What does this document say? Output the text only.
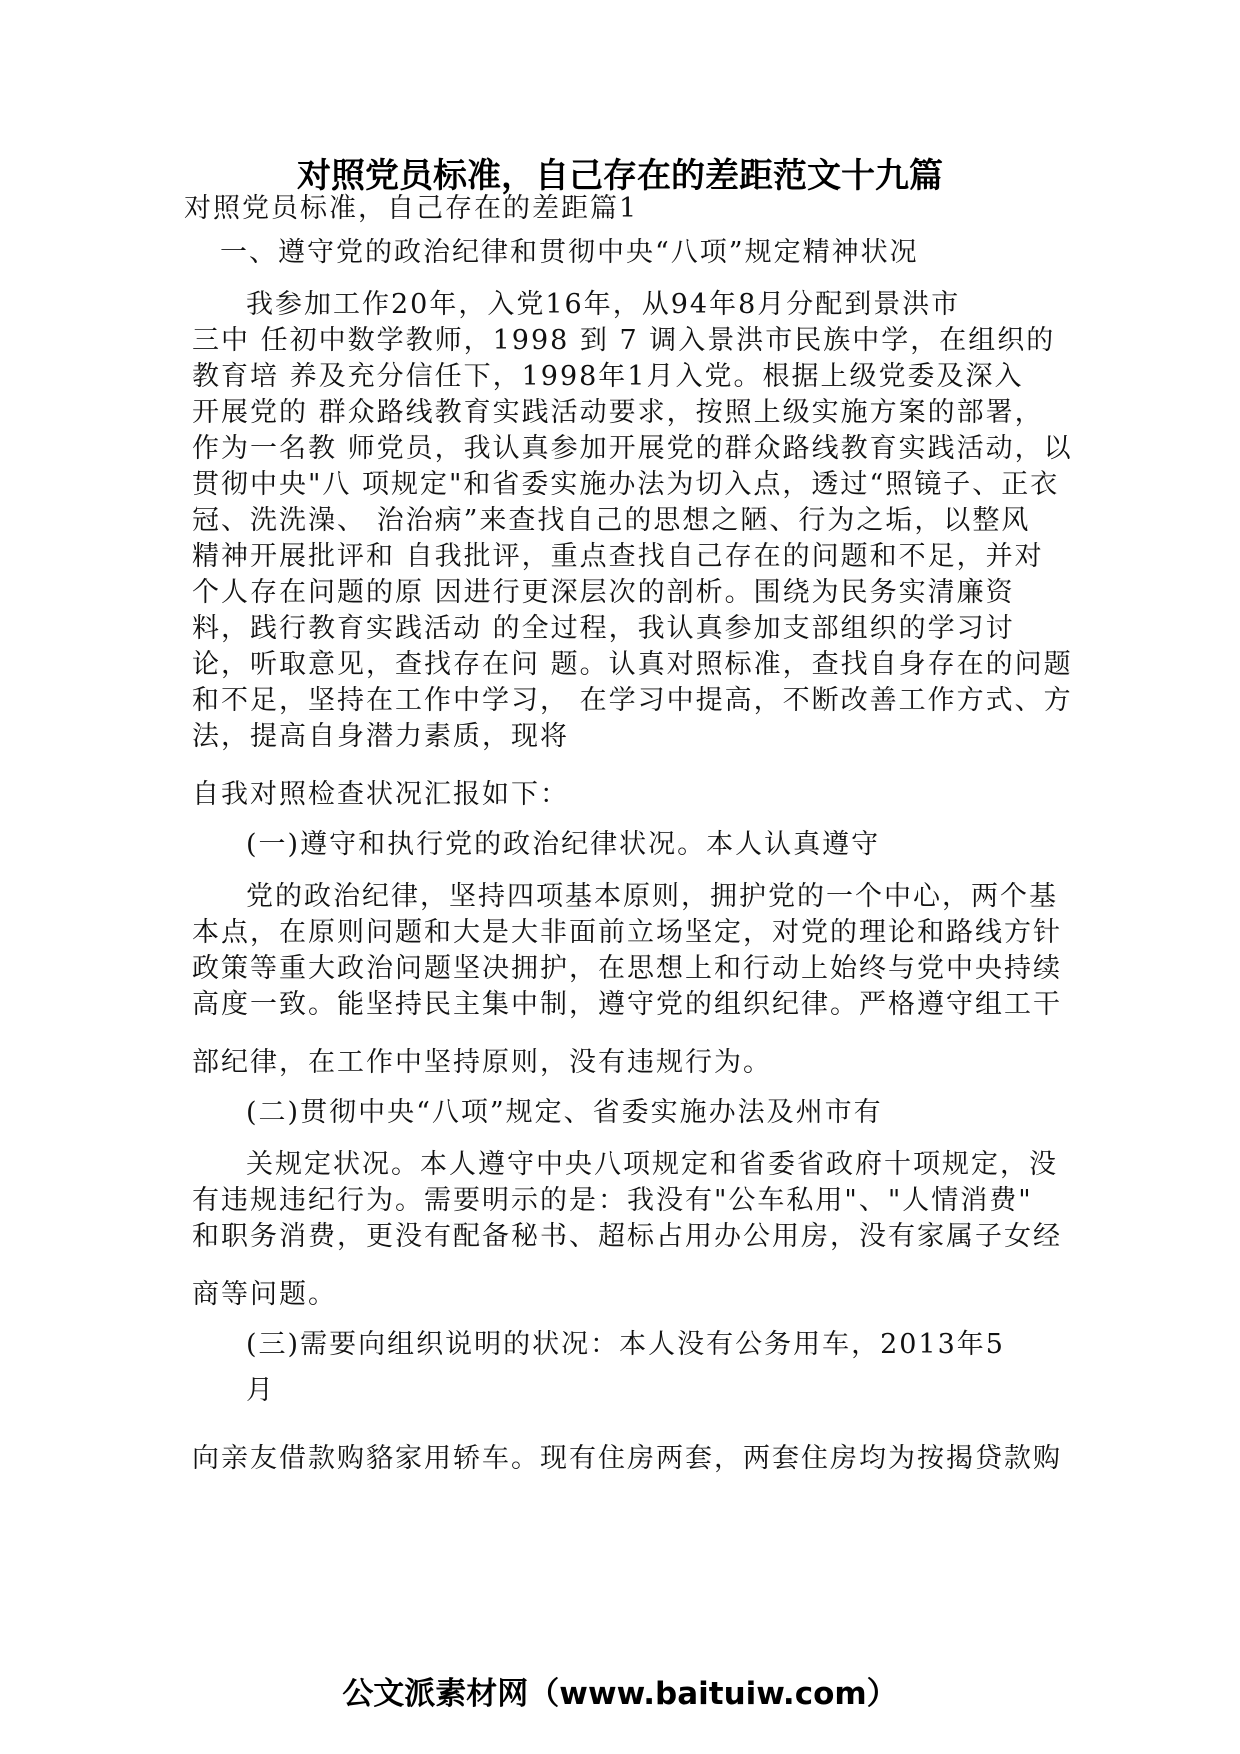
对照党员标准，自己存在的差距范文十九篇
对照党员标准，自己存在的差距篇1
一、遵守党的政治纪律和贯彻中央“八项”规定精神状况
我参加工作20年，入党16年，从94年8月分配到景洪市
三中 任初中数学教师，1998 到 7 调入景洪市民族中学，在组织的
教育培 养及充分信任下，1998年1月入党。根据上级党委及深入
开展党的 群众路线教育实践活动要求，按照上级实施方案的部署，
作为一名教 师党员，我认真参加开展党的群众路线教育实践活动，以
贯彻中央"八 项规定"和省委实施办法为切入点，透过“照镜子、正衣
冠、洗洗澡、 治治病”来查找自己的思想之陋、行为之垢，以整风
精神开展批评和 自我批评，重点查找自己存在的问题和不足，并对
个人存在问题的原 因进行更深层次的剖析。围绕为民务实清廉资
料，践行教育实践活动 的全过程，我认真参加支部组织的学习讨
论，听取意见，查找存在问 题。认真对照标准，查找自身存在的问题
和不足，坚持在工作中学习， 在学习中提高，不断改善工作方式、方
法，提高自身潜力素质，现将
自我对照检查状况汇报如下：
(一)遵守和执行党的政治纪律状况。本人认真遵守
党的政治纪律，坚持四项基本原则，拥护党的一个中心，两个基
本点，在原则问题和大是大非面前立场坚定，对党的理论和路线方针
政策等重大政治问题坚决拥护，在思想上和行动上始终与党中央持续
高度一致。能坚持民主集中制，遵守党的组织纪律。严格遵守组工干
部纪律，在工作中坚持原则，没有违规行为。
(二)贯彻中央“八项”规定、省委实施办法及州市有
关规定状况。本人遵守中央八项规定和省委省政府十项规定，没
有违规违纪行为。需要明示的是：我没有"公车私用"、"人情消费"
和职务消费，更没有配备秘书、超标占用办公用房，没有家属子女经
商等问题。
(三)需要向组织说明的状况：本人没有公务用车，2013年5
月
向亲友借款购貉家用轿车。现有住房两套，两套住房均为按揭贷款购
公文派素材网（www.baituiw.com）
